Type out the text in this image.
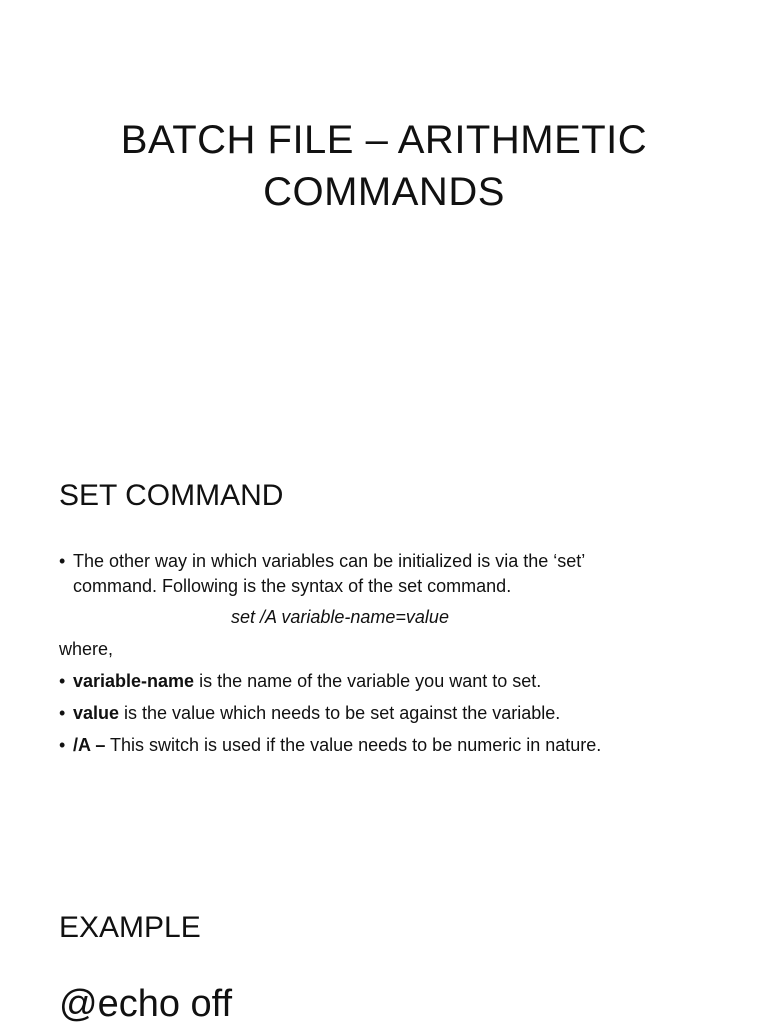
BATCH FILE – ARITHMETIC
COMMANDS
SET COMMAND
• The other way in which variables can be initialized is via the ‘set’
command. Following is the syntax of the set command.
set /A variable-name=value
where,
• variable-name is the name of the variable you want to set.
• value is the value which needs to be set against the variable.
• /A – This switch is used if the value needs to be numeric in nature.
EXAMPLE
@echo off
